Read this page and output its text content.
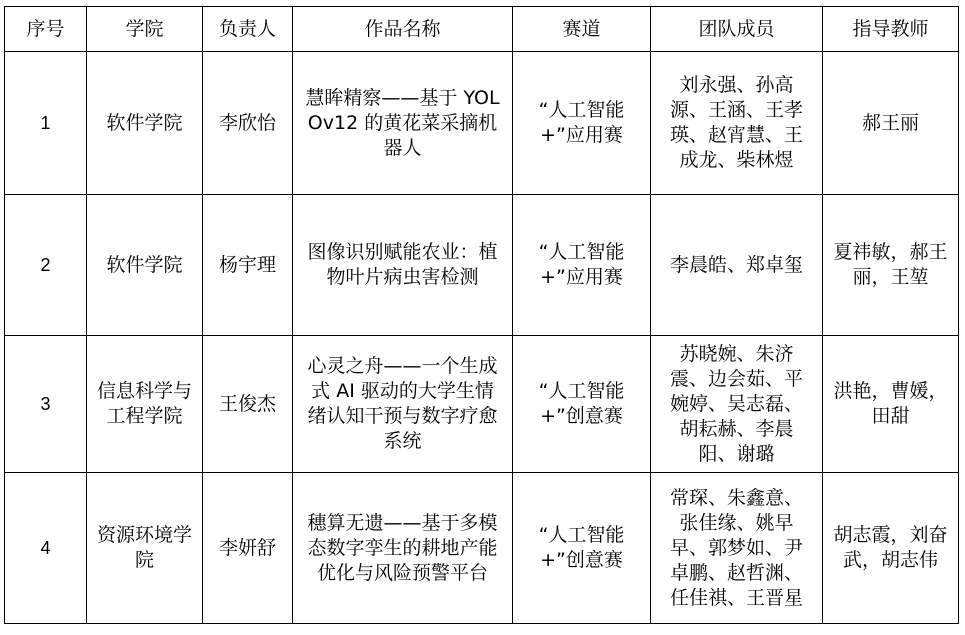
序号	学院	负责人	作品名称	赛道	团队成员	指导教师
1	软件学院	李欣怡	慧眸精察——基于 YOLOv12 的黄花菜采摘机器人	“人工智能+”应用赛	刘永强、孙高源、王涵、王孝瑛、赵宵慧、王成龙、柴林煜	郝王丽
2	软件学院	杨宇理	图像识别赋能农业：植物叶片病虫害检测	“人工智能+”应用赛	李晨皓、郑卓玺	夏祎敏，郝王丽，王堃
3	信息科学与工程学院	王俊杰	心灵之舟——一个生成式 AI 驱动的大学生情绪认知干预与数字疗愈系统	“人工智能+”创意赛	苏晓婉、朱济震、边会茹、平婉婷、吴志磊、胡耘赫、李晨阳、谢璐	洪艳，曹媛，田甜
4	资源环境学院	李妍舒	穗算无遗——基于多模态数字孪生的耕地产能优化与风险预警平台	“人工智能+”创意赛	常琛、朱鑫意、张佳缘、姚早早、郭梦如、尹卓鹏、赵哲渊、任佳祺、王晋星	胡志霞，刘奋武，胡志伟
